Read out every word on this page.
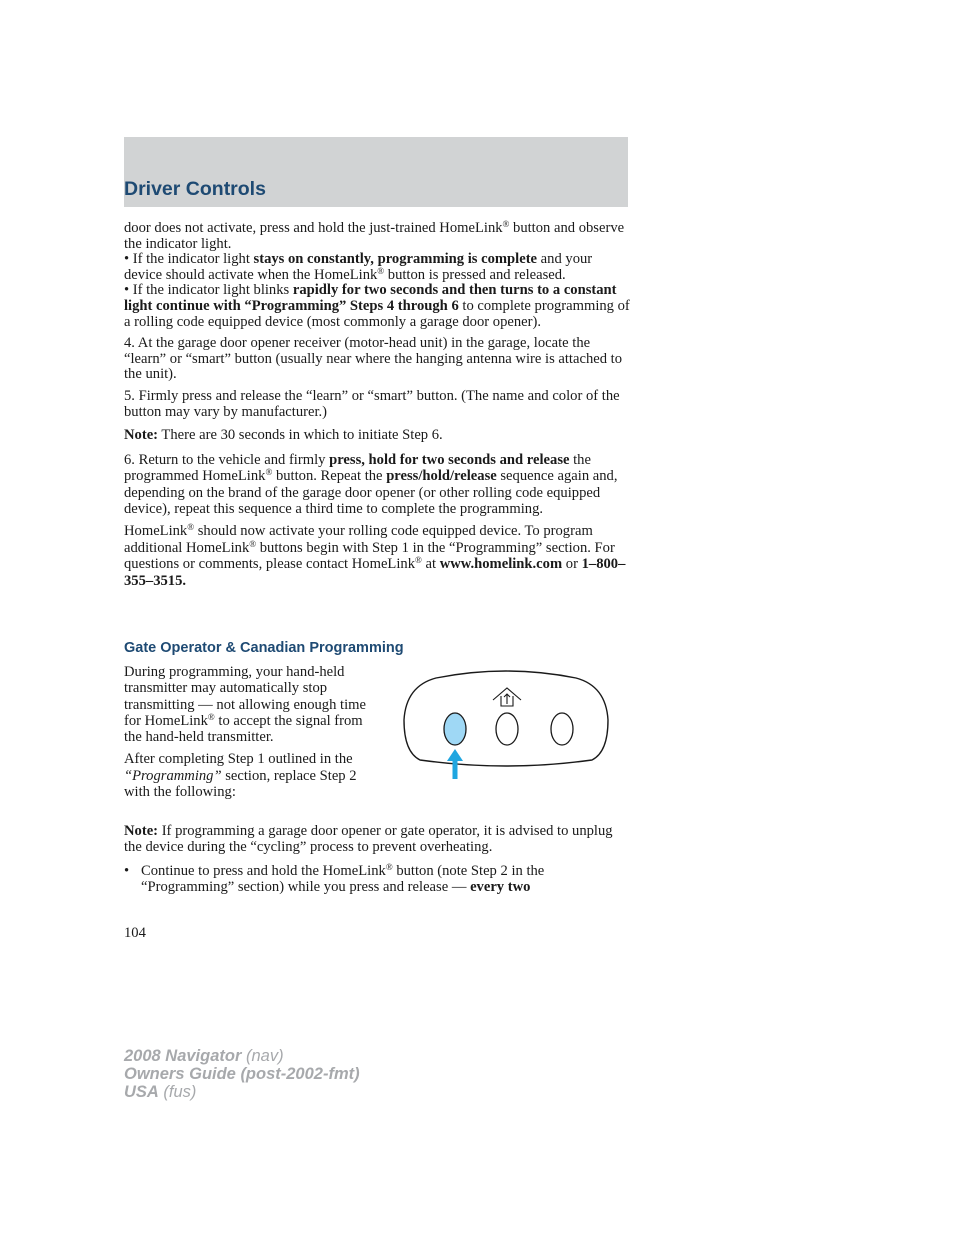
Driver Controls

door does not activate, press and hold the just-trained HomeLink® button and observe the indicator light.

• If the indicator light stays on constantly, programming is complete and your device should activate when the HomeLink® button is pressed and released.

• If the indicator light blinks rapidly for two seconds and then turns to a constant light continue with “Programming” Steps 4 through 6 to complete programming of a rolling code equipped device (most commonly a garage door opener).

4. At the garage door opener receiver (motor-head unit) in the garage, locate the “learn” or “smart” button (usually near where the hanging antenna wire is attached to the unit).

5. Firmly press and release the “learn” or “smart” button. (The name and color of the button may vary by manufacturer.)

Note: There are 30 seconds in which to initiate Step 6.

6. Return to the vehicle and firmly press, hold for two seconds and release the programmed HomeLink® button. Repeat the press/hold/release sequence again and, depending on the brand of the garage door opener (or other rolling code equipped device), repeat this sequence a third time to complete the programming.

HomeLink® should now activate your rolling code equipped device. To program additional HomeLink® buttons begin with Step 1 in the “Programming” section. For questions or comments, please contact HomeLink® at www.homelink.com or 1–800–355–3515.

Gate Operator & Canadian Programming

During programming, your hand-held transmitter may automatically stop transmitting — not allowing enough time for HomeLink® to accept the signal from the hand-held transmitter.

After completing Step 1 outlined in the “Programming” section, replace Step 2 with the following:

Note: If programming a garage door opener or gate operator, it is advised to unplug the device during the “cycling” process to prevent overheating.

• Continue to press and hold the HomeLink® button (note Step 2 in the “Programming” section) while you press and release — every two
104
2008 Navigator (nav)
Owners Guide (post-2002-fmt)
USA (fus)
